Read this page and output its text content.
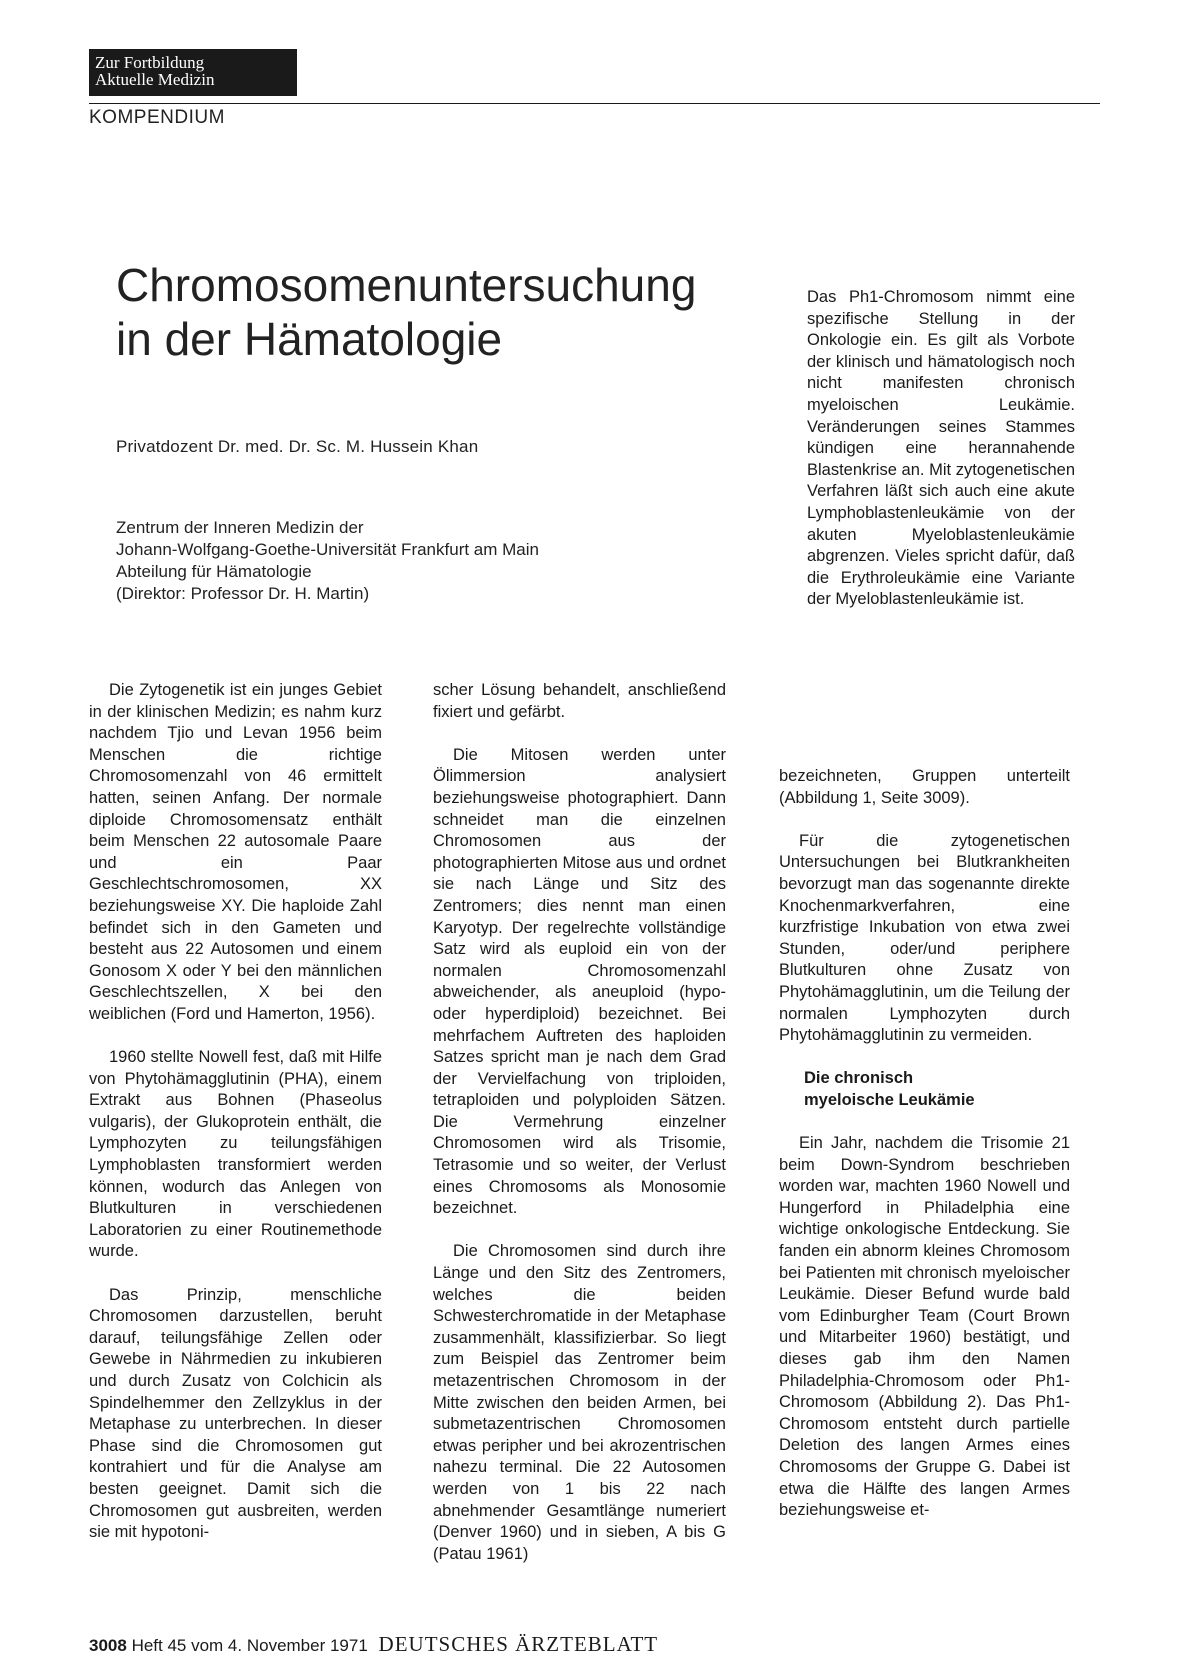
Zur Fortbildung
Aktuelle Medizin
KOMPENDIUM
Chromosomenuntersuchung
in der Hämatologie
Privatdozent Dr. med. Dr. Sc. M. Hussein Khan
Zentrum der Inneren Medizin der
Johann-Wolfgang-Goethe-Universität Frankfurt am Main
Abteilung für Hämatologie
(Direktor: Professor Dr. H. Martin)

Die Zytogenetik ist ein junges Gebiet in der klinischen Medizin; es nahm kurz nachdem Tjio und Levan 1956 beim Menschen die richtige Chromosomenzahl von 46 ermittelt hatten, seinen Anfang. Der normale diploide Chromosomensatz enthält beim Menschen 22 autosomale Paare und ein Paar Geschlechtschromosomen, XX beziehungsweise XY. Die haploide Zahl befindet sich in den Gameten und besteht aus 22 Autosomen und einem Gonosom X oder Y bei den männlichen Geschlechtszellen, X bei den weiblichen (Ford und Hamerton, 1956).

1960 stellte Nowell fest, daß mit Hilfe von Phytohämagglutinin (PHA), einem Extrakt aus Bohnen (Phaseolus vulgaris), der Glukoprotein enthält, die Lymphozyten zu teilungsfähigen Lymphoblasten transformiert werden können, wodurch das Anlegen von Blutkulturen in verschiedenen Laboratorien zu einer Routinemethode wurde.

Das Prinzip, menschliche Chromosomen darzustellen, beruht darauf, teilungsfähige Zellen oder Gewebe in Nährmedien zu inkubieren und durch Zusatz von Colchicin als Spindelhemmer den Zellzyklus in der Metaphase zu unterbrechen. In dieser Phase sind die Chromosomen gut kontrahiert und für die Analyse am besten geeignet. Damit sich die Chromosomen gut ausbreiten, werden sie mit hypotoni-

scher Lösung behandelt, anschließend fixiert und gefärbt.

Die Mitosen werden unter Ölimmersion analysiert beziehungsweise photographiert. Dann schneidet man die einzelnen Chromosomen aus der photographierten Mitose aus und ordnet sie nach Länge und Sitz des Zentromers; dies nennt man einen Karyotyp. Der regelrechte vollständige Satz wird als euploid ein von der normalen Chromosomenzahl abweichender, als aneuploid (hypo- oder hyperdiploid) bezeichnet. Bei mehrfachem Auftreten des haploiden Satzes spricht man je nach dem Grad der Vervielfachung von triploiden, tetraploiden und polyploiden Sätzen. Die Vermehrung einzelner Chromosomen wird als Trisomie, Tetrasomie und so weiter, der Verlust eines Chromosoms als Monosomie bezeichnet.

Die Chromosomen sind durch ihre Länge und den Sitz des Zentromers, welches die beiden Schwesterchromatide in der Metaphase zusammenhält, klassifizierbar. So liegt zum Beispiel das Zentromer beim metazentrischen Chromosom in der Mitte zwischen den beiden Armen, bei submetazentrischen Chromosomen etwas peripher und bei akrozentrischen nahezu terminal. Die 22 Autosomen werden von 1 bis 22 nach abnehmender Gesamtlänge numeriert (Denver 1960) und in sieben, A bis G (Patau 1961)

Das Ph1-Chromosom nimmt eine spezifische Stellung in der Onkologie ein. Es gilt als Vorbote der klinisch und hämatologisch noch nicht manifesten chronisch myeloischen Leukämie. Veränderungen seines Stammes kündigen eine herannahende Blastenkrise an. Mit zytogenetischen Verfahren läßt sich auch eine akute Lymphoblastenleukämie von der akuten Myeloblastenleukämie abgrenzen. Vieles spricht dafür, daß die Erythroleukämie eine Variante der Myeloblastenleukämie ist.

bezeichneten, Gruppen unterteilt (Abbildung 1, Seite 3009).

Für die zytogenetischen Untersuchungen bei Blutkrankheiten bevorzugt man das sogenannte direkte Knochenmarkverfahren, eine kurzfristige Inkubation von etwa zwei Stunden, oder/und periphere Blutkulturen ohne Zusatz von Phytohämagglutinin, um die Teilung der normalen Lymphozyten durch Phytohämagglutinin zu vermeiden.

Die chronisch
myeloische Leukämie

Ein Jahr, nachdem die Trisomie 21 beim Down-Syndrom beschrieben worden war, machten 1960 Nowell und Hungerford in Philadelphia eine wichtige onkologische Entdeckung. Sie fanden ein abnorm kleines Chromosom bei Patienten mit chronisch myeloischer Leukämie. Dieser Befund wurde bald vom Edinburgher Team (Court Brown und Mitarbeiter 1960) bestätigt, und dieses gab ihm den Namen Philadelphia-Chromosom oder Ph1-Chromosom (Abbildung 2). Das Ph1-Chromosom entsteht durch partielle Deletion des langen Armes eines Chromosoms der Gruppe G. Dabei ist etwa die Hälfte des langen Armes beziehungsweise et-

3008 Heft 45 vom 4. November 1971 DEUTSCHES ÄRZTEBLATT
